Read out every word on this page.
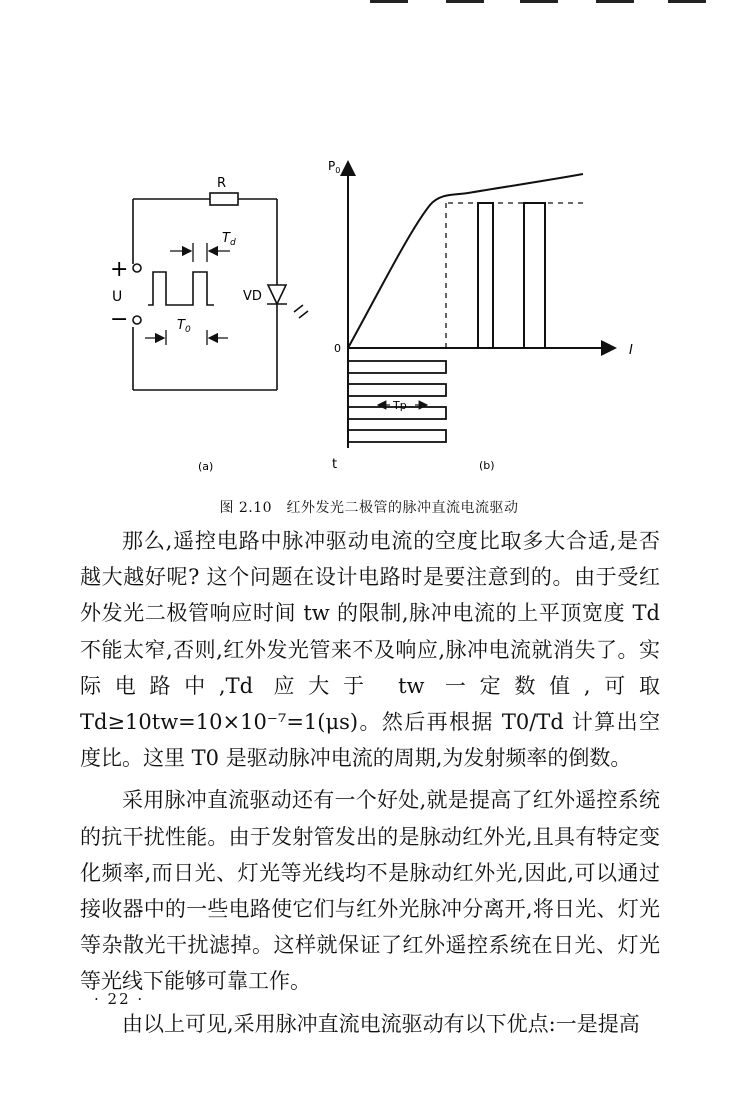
R
+
−
U	VD
$T_d$
$T_0$
(a)
$P_0$
0	I
t
Tp
(b)
图 2.10　红外发光二极管的脉冲直流电流驱动

那么,遥控电路中脉冲驱动电流的空度比取多大合适,是否越大越好呢? 这个问题在设计电路时是要注意到的。由于受红外发光二极管响应时间 tw 的限制,脉冲电流的上平顶宽度 Td 不能太窄,否则,红外发光管来不及响应,脉冲电流就消失了。实际电路中,Td 应大于 tw 一定数值,可取 Td≥10tw=10×10⁻⁷=1(μs)。然后再根据 T0/Td 计算出空度比。这里 T0 是驱动脉冲电流的周期,为发射频率的倒数。

采用脉冲直流驱动还有一个好处,就是提高了红外遥控系统的抗干扰性能。由于发射管发出的是脉动红外光,且具有特定变化频率,而日光、灯光等光线均不是脉动红外光,因此,可以通过接收器中的一些电路使它们与红外光脉冲分离开,将日光、灯光等杂散光干扰滤掉。这样就保证了红外遥控系统在日光、灯光等光线下能够可靠工作。

由以上可见,采用脉冲直流电流驱动有以下优点:一是提高

· 22 ·
